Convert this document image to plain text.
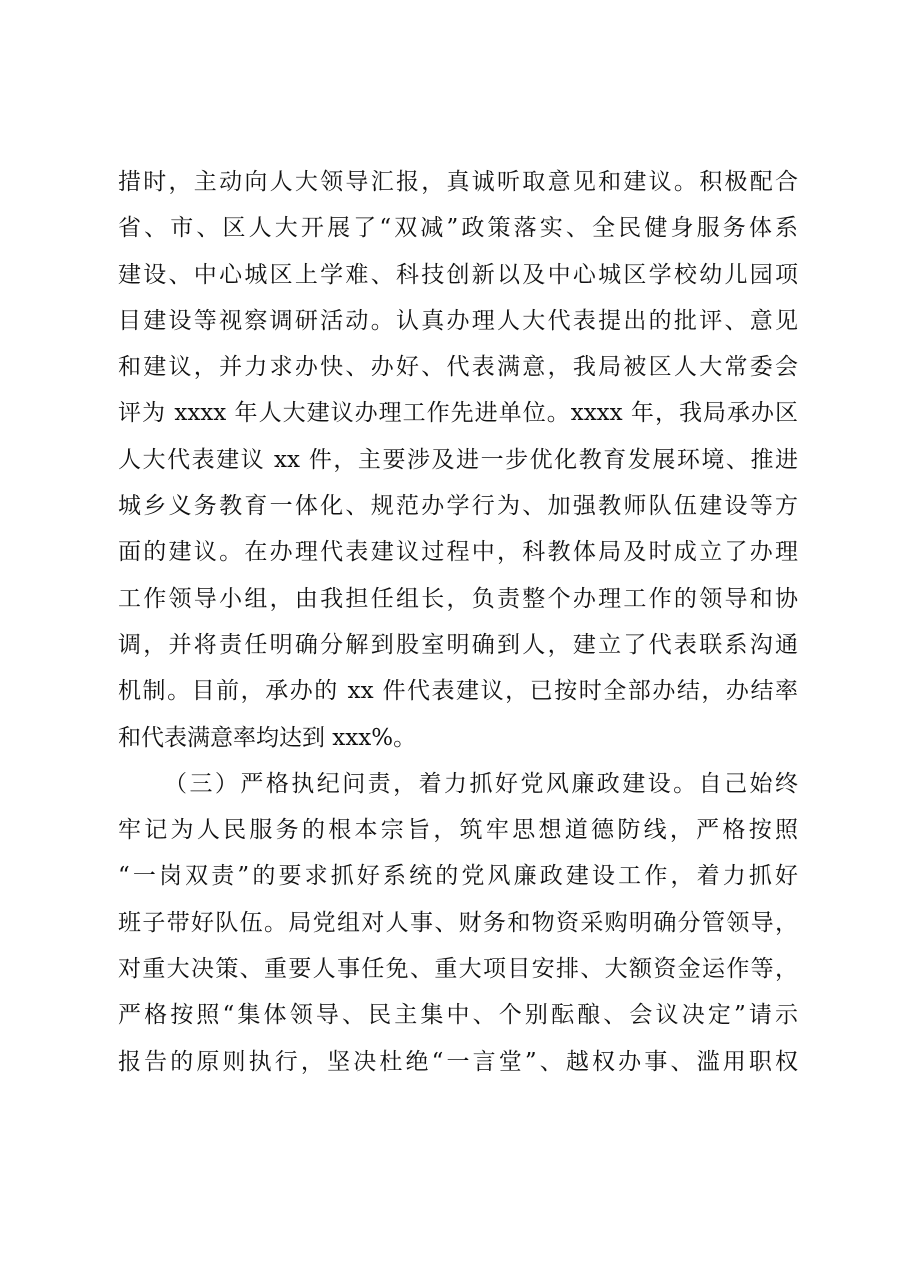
措时，主动向人大领导汇报，真诚听取意见和建议。积极配合
省、市、区人大开展了“双减”政策落实、全民健身服务体系
建设、中心城区上学难、科技创新以及中心城区学校幼儿园项
目建设等视察调研活动。认真办理人大代表提出的批评、意见
和建议，并力求办快、办好、代表满意，我局被区人大常委会
评为 xxxx 年人大建议办理工作先进单位。xxxx 年，我局承办区
人大代表建议 xx 件，主要涉及进一步优化教育发展环境、推进
城乡义务教育一体化、规范办学行为、加强教师队伍建设等方
面的建议。在办理代表建议过程中，科教体局及时成立了办理
工作领导小组，由我担任组长，负责整个办理工作的领导和协
调，并将责任明确分解到股室明确到人，建立了代表联系沟通
机制。目前，承办的 xx 件代表建议，已按时全部办结，办结率
和代表满意率均达到 xxx%。
（三）严格执纪问责，着力抓好党风廉政建设。自己始终
牢记为人民服务的根本宗旨，筑牢思想道德防线，严格按照
“一岗双责”的要求抓好系统的党风廉政建设工作，着力抓好
班子带好队伍。局党组对人事、财务和物资采购明确分管领导，
对重大决策、重要人事任免、重大项目安排、大额资金运作等，
严格按照“集体领导、民主集中、个别酝酿、会议决定”请示
报告的原则执行，坚决杜绝“一言堂”、越权办事、滥用职权
